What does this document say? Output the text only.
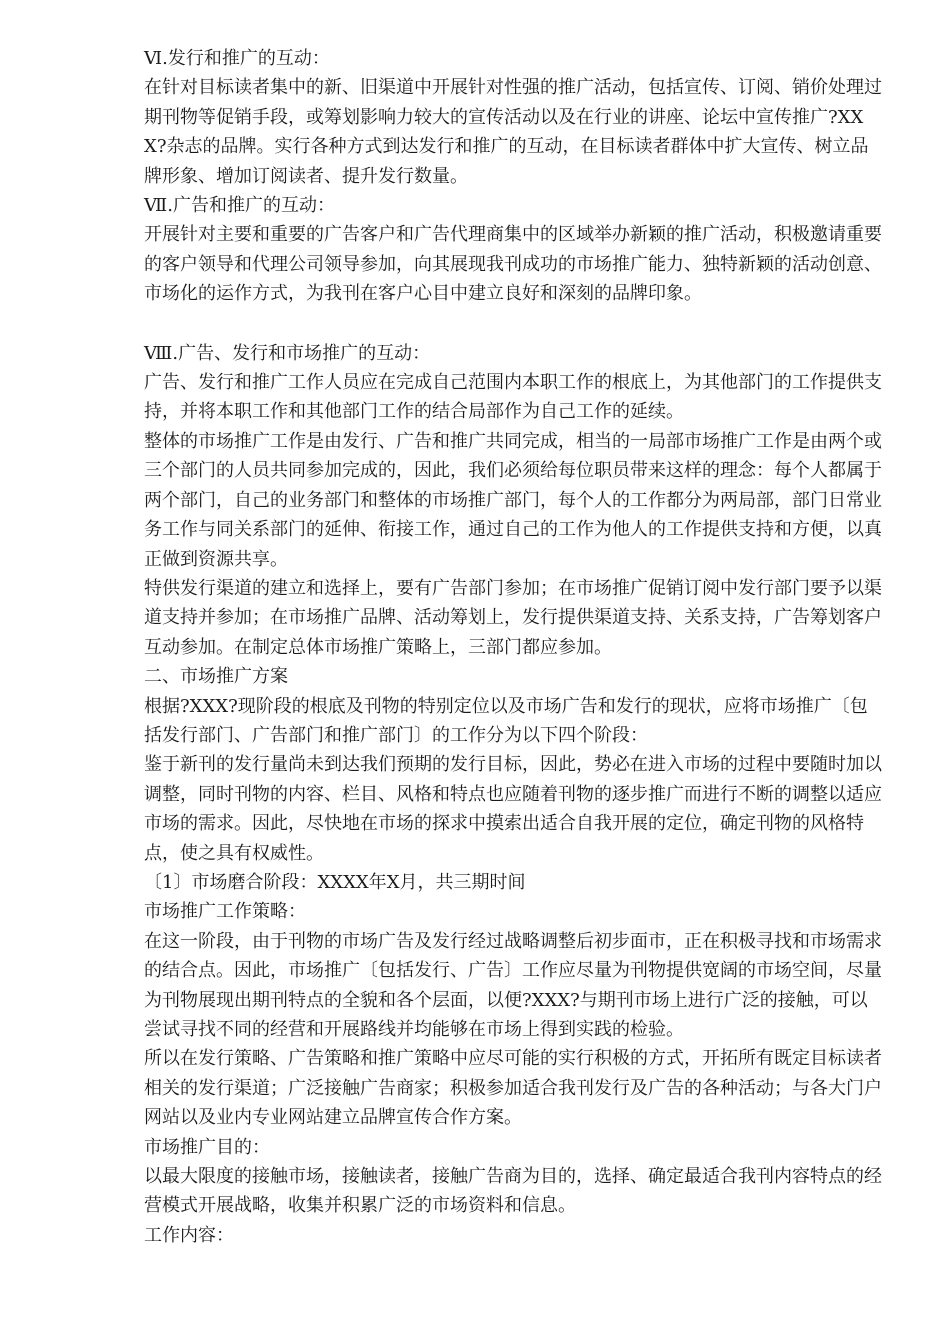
Ⅵ.发行和推广的互动：

在针对目标读者集中的新、旧渠道中开展针对性强的推广活动，包括宣传、订阅、销价处理过期刊物等促销手段，或筹划影响力较大的宣传活动以及在行业的讲座、论坛中宣传推广?XXX?杂志的品牌。实行各种方式到达发行和推广的互动，在目标读者群体中扩大宣传、树立品牌形象、增加订阅读者、提升发行数量。

Ⅶ.广告和推广的互动：

开展针对主要和重要的广告客户和广告代理商集中的区域举办新颖的推广活动，积极邀请重要的客户领导和代理公司领导参加，向其展现我刊成功的市场推广能力、独特新颖的活动创意、市场化的运作方式，为我刊在客户心目中建立良好和深刻的品牌印象。

Ⅷ.广告、发行和市场推广的互动：

广告、发行和推广工作人员应在完成自己范围内本职工作的根底上，为其他部门的工作提供支持，并将本职工作和其他部门工作的结合局部作为自己工作的延续。

整体的市场推广工作是由发行、广告和推广共同完成，相当的一局部市场推广工作是由两个或三个部门的人员共同参加完成的，因此，我们必须给每位职员带来这样的理念：每个人都属于两个部门，自己的业务部门和整体的市场推广部门，每个人的工作都分为两局部，部门日常业务工作与同关系部门的延伸、衔接工作，通过自己的工作为他人的工作提供支持和方便，以真正做到资源共享。

特供发行渠道的建立和选择上，要有广告部门参加；在市场推广促销订阅中发行部门要予以渠道支持并参加；在市场推广品牌、活动筹划上，发行提供渠道支持、关系支持，广告筹划客户互动参加。在制定总体市场推广策略上，三部门都应参加。

二、市场推广方案

根据?XXX?现阶段的根底及刊物的特别定位以及市场广告和发行的现状，应将市场推广〔包括发行部门、广告部门和推广部门〕的工作分为以下四个阶段：

鉴于新刊的发行量尚未到达我们预期的发行目标，因此，势必在进入市场的过程中要随时加以调整，同时刊物的内容、栏目、风格和特点也应随着刊物的逐步推广而进行不断的调整以适应市场的需求。因此，尽快地在市场的探求中摸索出适合自我开展的定位，确定刊物的风格特点，使之具有权威性。

〔1〕市场磨合阶段：XXXX年X月，共三期时间

市场推广工作策略：

在这一阶段，由于刊物的市场广告及发行经过战略调整后初步面市，正在积极寻找和市场需求的结合点。因此，市场推广〔包括发行、广告〕工作应尽量为刊物提供宽阔的市场空间，尽量为刊物展现出期刊特点的全貌和各个层面，以便?XXX?与期刊市场上进行广泛的接触，可以尝试寻找不同的经营和开展路线并均能够在市场上得到实践的检验。

所以在发行策略、广告策略和推广策略中应尽可能的实行积极的方式，开拓所有既定目标读者相关的发行渠道；广泛接触广告商家；积极参加适合我刊发行及广告的各种活动；与各大门户网站以及业内专业网站建立品牌宣传合作方案。

市场推广目的：

以最大限度的接触市场，接触读者，接触广告商为目的，选择、确定最适合我刊内容特点的经营模式开展战略，收集并积累广泛的市场资料和信息。

工作内容：
